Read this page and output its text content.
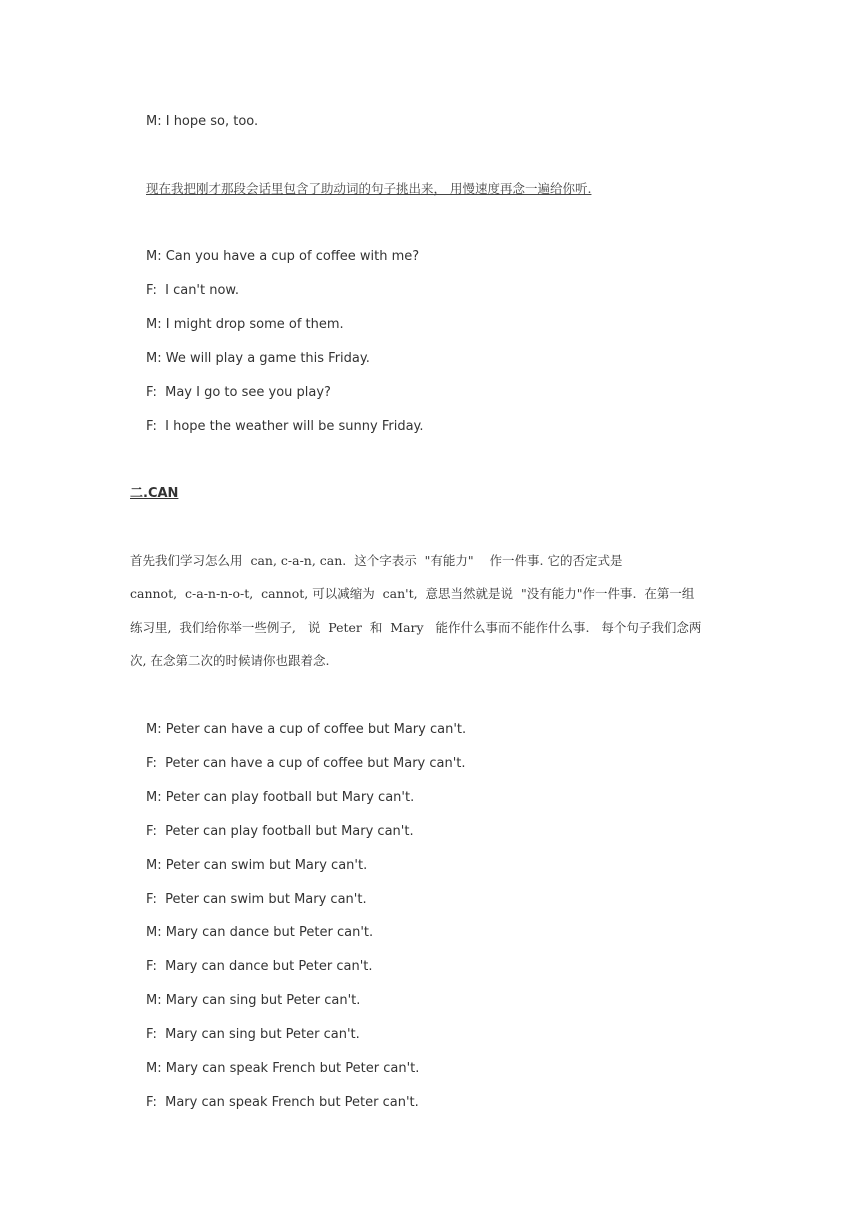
M: I hope so, too.
现在我把刚才那段会话里包含了助动词的句子挑出来， 用慢速度再念一遍给你听.
M: Can you have a cup of coffee with me?
F:  I can't now.
M: I might drop some of them.
M: We will play a game this Friday.
F:  May I go to see you play?
F:  I hope the weather will be sunny Friday.
二.CAN
首先我们学习怎么用  can, c-a-n, can.  这个字表示  "有能力"    作一件事. 它的否定式是
cannot,  c-a-n-n-o-t,  cannot, 可以减缩为  can't,  意思当然就是说  "没有能力"作一件事.  在第一组
练习里,  我们给你举一些例子,   说  Peter  和  Mary   能作什么事而不能作什么事.   每个句子我们念两
次, 在念第二次的时候请你也跟着念.
M: Peter can have a cup of coffee but Mary can't.
F:  Peter can have a cup of coffee but Mary can't.
M: Peter can play football but Mary can't.
F:  Peter can play football but Mary can't.
M: Peter can swim but Mary can't.
F:  Peter can swim but Mary can't.
M: Mary can dance but Peter can't.
F:  Mary can dance but Peter can't.
M: Mary can sing but Peter can't.
F:  Mary can sing but Peter can't.
M: Mary can speak French but Peter can't.
F:  Mary can speak French but Peter can't.
